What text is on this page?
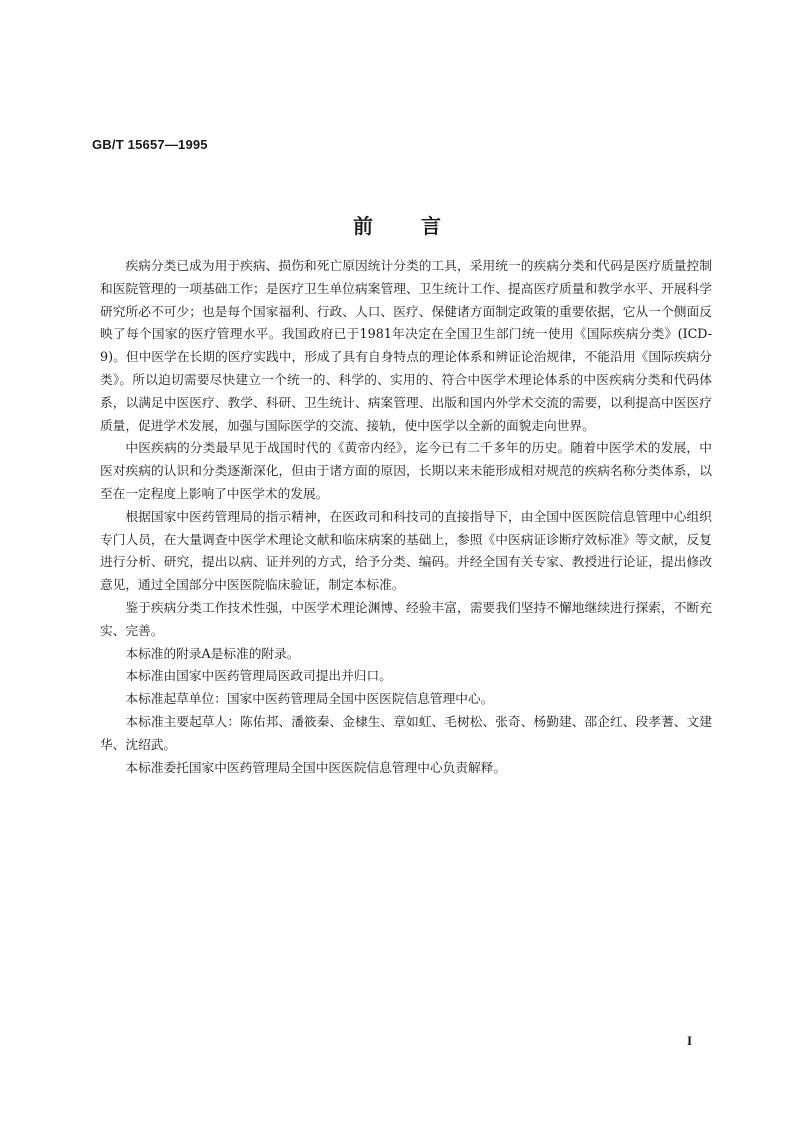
GB/T 15657—1995
前言

疾病分类已成为用于疾病、损伤和死亡原因统计分类的工具，采用统一的疾病分类和代码是医疗质量控制和医院管理的一项基础工作；是医疗卫生单位病案管理、卫生统计工作、提高医疗质量和教学水平、开展科学研究所必不可少；也是每个国家福利、行政、人口、医疗、保健诸方面制定政策的重要依据，它从一个侧面反映了每个国家的医疗管理水平。我国政府已于1981年决定在全国卫生部门统一使用《国际疾病分类》(ICD-9)。但中医学在长期的医疗实践中，形成了具有自身特点的理论体系和辨证论治规律，不能沿用《国际疾病分类》。所以迫切需要尽快建立一个统一的、科学的、实用的、符合中医学术理论体系的中医疾病分类和代码体系，以满足中医医疗、教学、科研、卫生统计、病案管理、出版和国内外学术交流的需要，以利提高中医医疗质量，促进学术发展，加强与国际医学的交流、接轨，使中医学以全新的面貌走向世界。

中医疾病的分类最早见于战国时代的《黄帝内经》，迄今已有二千多年的历史。随着中医学术的发展，中医对疾病的认识和分类逐渐深化，但由于诸方面的原因，长期以来未能形成相对规范的疾病名称分类体系，以至在一定程度上影响了中医学术的发展。

根据国家中医药管理局的指示精神，在医政司和科技司的直接指导下，由全国中医医院信息管理中心组织专门人员，在大量调查中医学术理论文献和临床病案的基础上，参照《中医病证诊断疗效标准》等文献，反复进行分析、研究，提出以病、证并列的方式，给予分类、编码。并经全国有关专家、教授进行论证，提出修改意见，通过全国部分中医医院临床验证，制定本标准。

鉴于疾病分类工作技术性强，中医学术理论渊博、经验丰富，需要我们坚持不懈地继续进行探索，不断充实、完善。

本标准的附录A是标准的附录。

本标准由国家中医药管理局医政司提出并归口。

本标准起草单位：国家中医药管理局全国中医医院信息管理中心。

本标准主要起草人：陈佑邦、潘筱秦、金棣生、章如虹、毛树松、张奇、杨勤建、邵企红、段孝蓍、文建华、沈绍武。

本标准委托国家中医药管理局全国中医医院信息管理中心负责解释。

I
